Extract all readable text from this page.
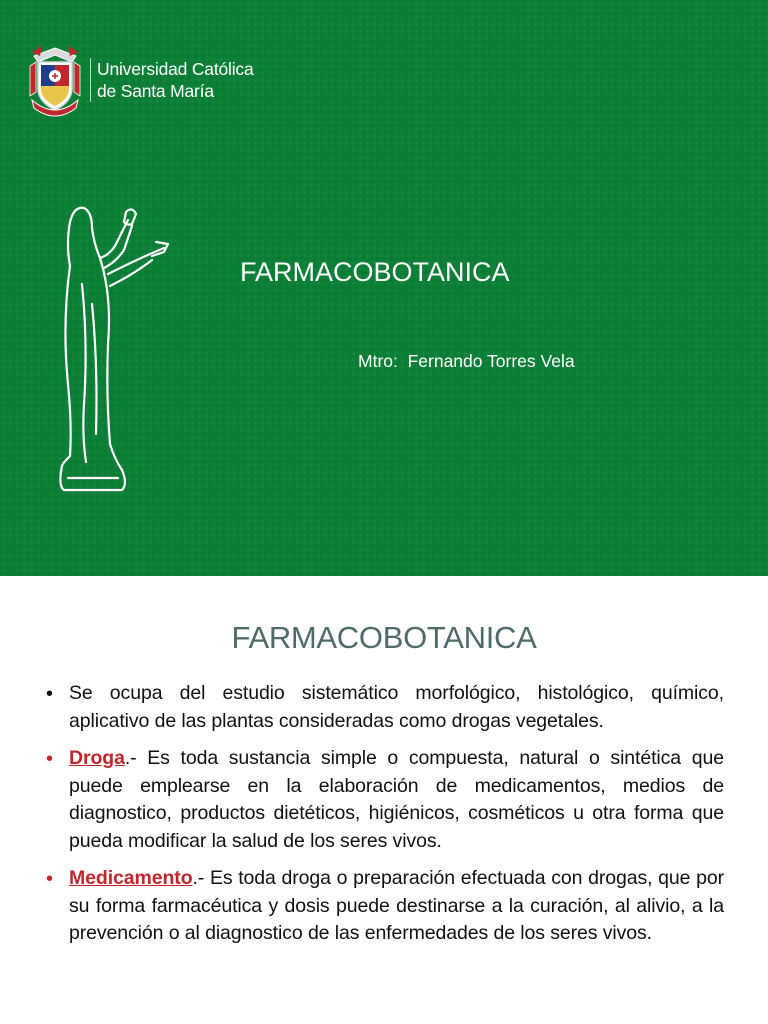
Universidad Católica
de Santa María
FARMACOBOTANICA

Mtro:  Fernando Torres Vela

FARMACOBOTANICA
• Se ocupa del estudio sistemático morfológico, histológico, químico, aplicativo de las plantas consideradas como drogas vegetales.

• Droga.- Es toda sustancia simple o compuesta, natural o sintética que puede emplearse en la elaboración de medicamentos, medios de diagnostico, productos dietéticos, higiénicos, cosméticos u otra forma que pueda modificar la salud de los seres vivos.

• Medicamento.- Es toda droga o preparación efectuada con drogas, que por su forma farmacéutica y dosis puede destinarse a la curación, al alivio, a la prevención o al diagnostico de las enfermedades de los seres vivos.
